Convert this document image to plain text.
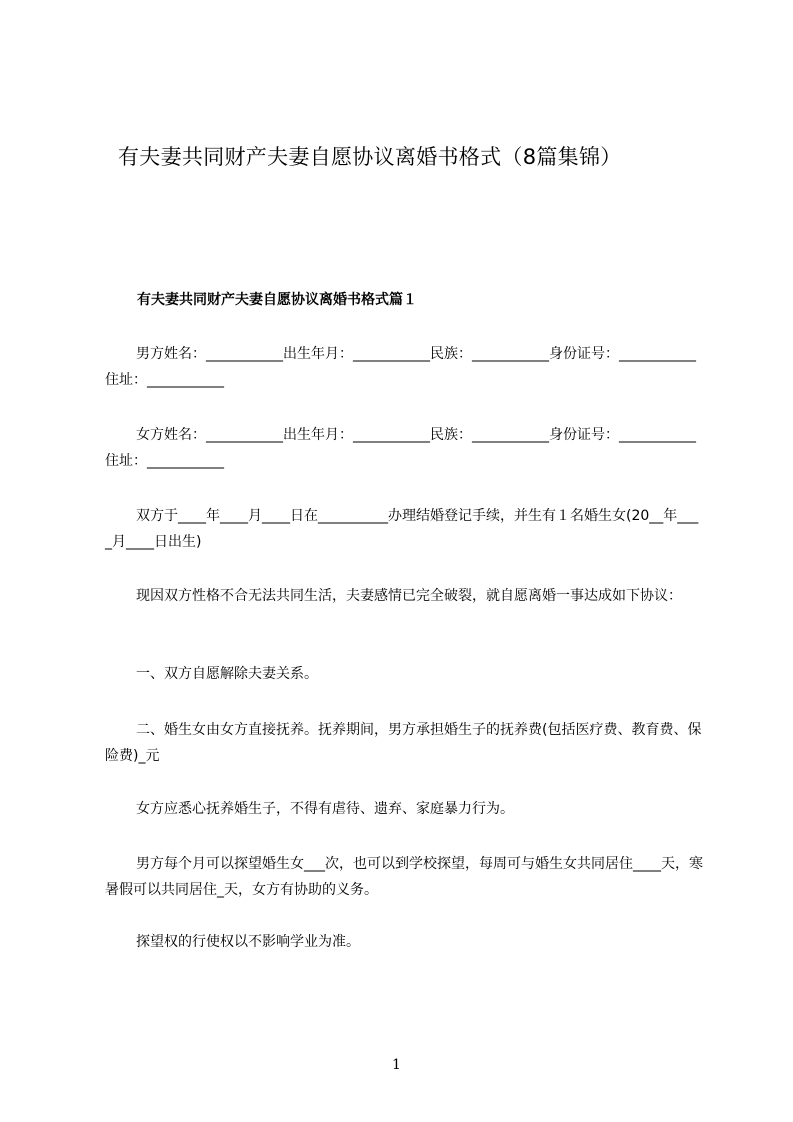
有夫妻共同财产夫妻自愿协议离婚书格式（8篇集锦）
有夫妻共同财产夫妻自愿协议离婚书格式篇１
男方姓名：___________出生年月：___________民族：___________身份证号：___________住址：___________
女方姓名：___________出生年月：___________民族：___________身份证号：___________住址：___________
双方于____年____月____日在__________办理结婚登记手续，并生有１名婚生女(20__年____月____日出生)
现因双方性格不合无法共同生活，夫妻感情已完全破裂，就自愿离婚一事达成如下协议：
一、双方自愿解除夫妻关系。
二、婚生女由女方直接抚养。抚养期间，男方承担婚生子的抚养费(包括医疗费、教育费、保险费)_元
女方应悉心抚养婚生子，不得有虐待、遗弃、家庭暴力行为。
男方每个月可以探望婚生女___次，也可以到学校探望，每周可与婚生女共同居住____天，寒暑假可以共同居住_天，女方有协助的义务。
探望权的行使权以不影响学业为准。
1
